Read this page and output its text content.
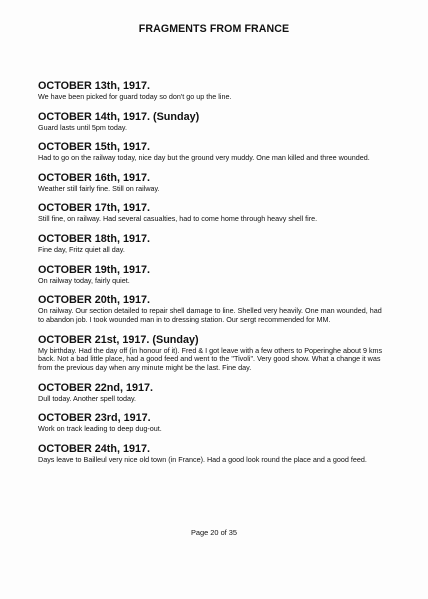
FRAGMENTS FROM FRANCE
OCTOBER 13th, 1917.
We have been picked for guard today so don't go up the line.
OCTOBER 14th, 1917. (Sunday)
Guard lasts until 5pm today.
OCTOBER 15th, 1917.
Had to go on the railway today, nice day but the ground very muddy. One man killed and three wounded.
OCTOBER 16th, 1917.
Weather still fairly fine. Still on railway.
OCTOBER 17th, 1917.
Still fine, on railway. Had several casualties, had to come home through heavy shell fire.
OCTOBER 18th, 1917.
Fine day, Fritz quiet all day.
OCTOBER 19th, 1917.
On railway today, fairly quiet.
OCTOBER 20th, 1917.
On railway. Our section detailed to repair shell damage to line. Shelled very heavily. One man wounded, had to abandon job. I took wounded man in to dressing station. Our sergt recommended for MM.
OCTOBER 21st, 1917. (Sunday)
My birthday. Had the day off (in honour of it). Fred & I got leave with a few others to Poperinghe about 9 kms back. Not a bad little place, had a good feed and went to the "Tivoli". Very good show. What a change it was from the previous day when any minute might be the last. Fine day.
OCTOBER 22nd, 1917.
Dull today. Another spell today.
OCTOBER 23rd, 1917.
Work on track leading to deep dug-out.
OCTOBER 24th, 1917.
Days leave to Bailleul very nice old town (in France). Had a good look round the place and a good feed.
Page 20 of 35
